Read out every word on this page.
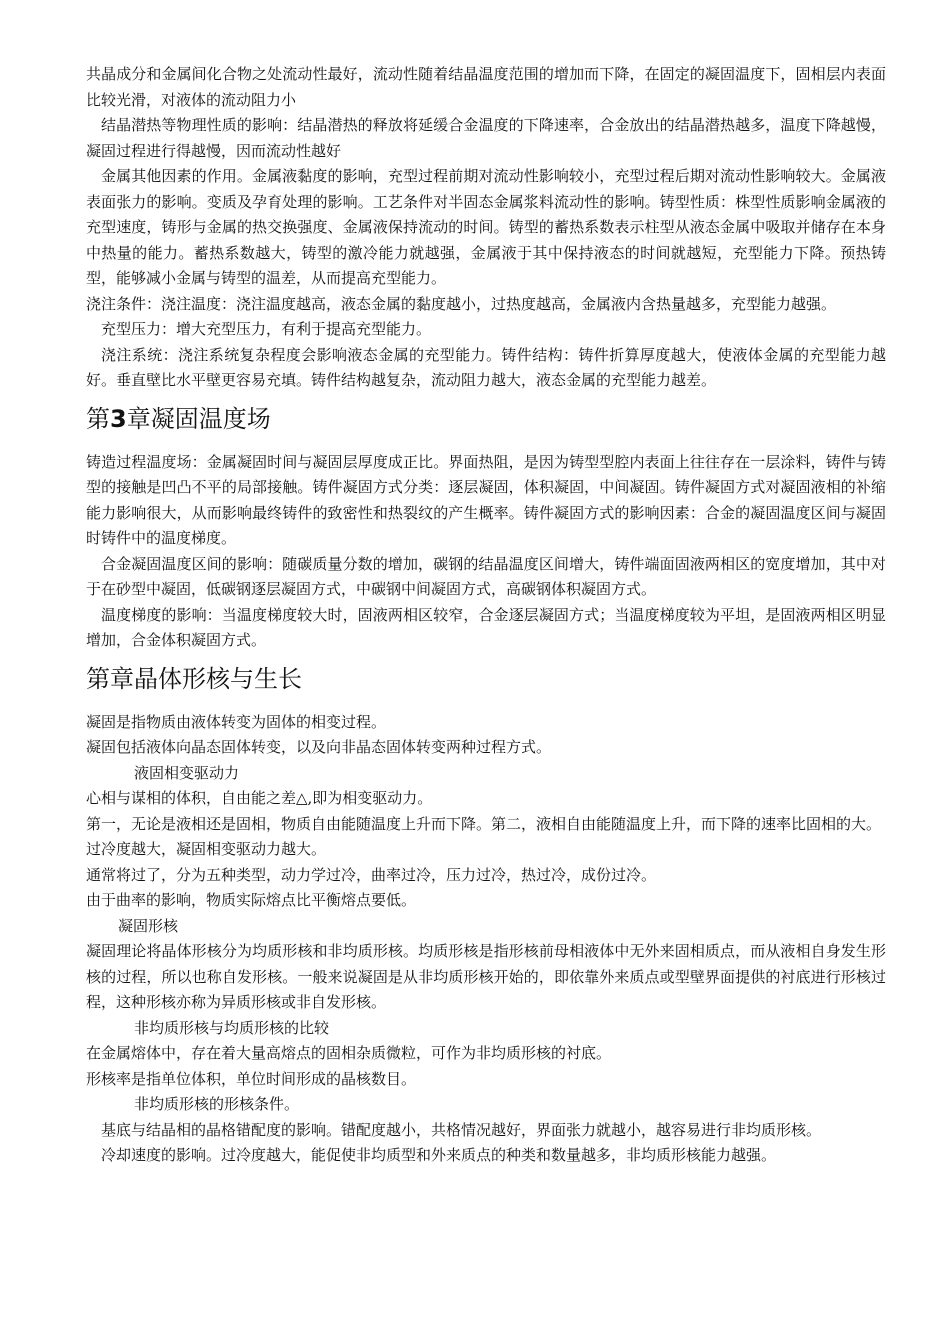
共晶成分和金属间化合物之处流动性最好，流动性随着结晶温度范围的增加而下降，在固定的凝固温度下，固相层内表面比较光滑，对液体的流动阻力小

结晶潜热等物理性质的影响：结晶潜热的释放将延缓合金温度的下降速率，合金放出的结晶潜热越多，温度下降越慢，凝固过程进行得越慢，因而流动性越好

金属其他因素的作用。金属液黏度的影响，充型过程前期对流动性影响较小，充型过程后期对流动性影响较大。金属液表面张力的影响。变质及孕育处理的影响。工艺条件对半固态金属浆料流动性的影响。铸型性质：株型性质影响金属液的充型速度，铸形与金属的热交换强度、金属液保持流动的时间。铸型的蓄热系数表示柱型从液态金属中吸取并储存在本身中热量的能力。蓄热系数越大，铸型的激冷能力就越强，金属液于其中保持液态的时间就越短，充型能力下降。预热铸型，能够减小金属与铸型的温差，从而提高充型能力。

浇注条件：浇注温度：浇注温度越高，液态金属的黏度越小，过热度越高，金属液内含热量越多，充型能力越强。

充型压力：增大充型压力，有利于提高充型能力。

浇注系统：浇注系统复杂程度会影响液态金属的充型能力。铸件结构：铸件折算厚度越大，使液体金属的充型能力越好。垂直壁比水平壁更容易充填。铸件结构越复杂，流动阻力越大，液态金属的充型能力越差。

第3章凝固温度场

铸造过程温度场：金属凝固时间与凝固层厚度成正比。界面热阻，是因为铸型型腔内表面上往往存在一层涂料，铸件与铸型的接触是凹凸不平的局部接触。铸件凝固方式分类：逐层凝固，体积凝固，中间凝固。铸件凝固方式对凝固液相的补缩能力影响很大，从而影响最终铸件的致密性和热裂纹的产生概率。铸件凝固方式的影响因素：合金的凝固温度区间与凝固时铸件中的温度梯度。

合金凝固温度区间的影响：随碳质量分数的增加，碳钢的结晶温度区间增大，铸件端面固液两相区的宽度增加，其中对于在砂型中凝固，低碳钢逐层凝固方式，中碳钢中间凝固方式，高碳钢体积凝固方式。

温度梯度的影响：当温度梯度较大时，固液两相区较窄，合金逐层凝固方式；当温度梯度较为平坦，是固液两相区明显增加，合金体积凝固方式。

第章晶体形核与生长

凝固是指物质由液体转变为固体的相变过程。

凝固包括液体向晶态固体转变，以及向非晶态固体转变两种过程方式。

液固相变驱动力

心相与谋相的体积，自由能之差△,即为相变驱动力。

第一，无论是液相还是固相，物质自由能随温度上升而下降。第二，液相自由能随温度上升，而下降的速率比固相的大。

过冷度越大，凝固相变驱动力越大。

通常将过了，分为五种类型，动力学过冷，曲率过冷，压力过冷，热过冷，成份过冷。

由于曲率的影响，物质实际熔点比平衡熔点要低。

凝固形核

凝固理论将晶体形核分为均质形核和非均质形核。均质形核是指形核前母相液体中无外来固相质点，而从液相自身发生形核的过程，所以也称自发形核。一般来说凝固是从非均质形核开始的，即依靠外来质点或型壁界面提供的衬底进行形核过程，这种形核亦称为异质形核或非自发形核。

非均质形核与均质形核的比较

在金属熔体中，存在着大量高熔点的固相杂质微粒，可作为非均质形核的衬底。

形核率是指单位体积，单位时间形成的晶核数目。

非均质形核的形核条件。

基底与结晶相的晶格错配度的影响。错配度越小，共格情况越好，界面张力就越小，越容易进行非均质形核。

冷却速度的影响。过冷度越大，能促使非均质型和外来质点的种类和数量越多，非均质形核能力越强。
